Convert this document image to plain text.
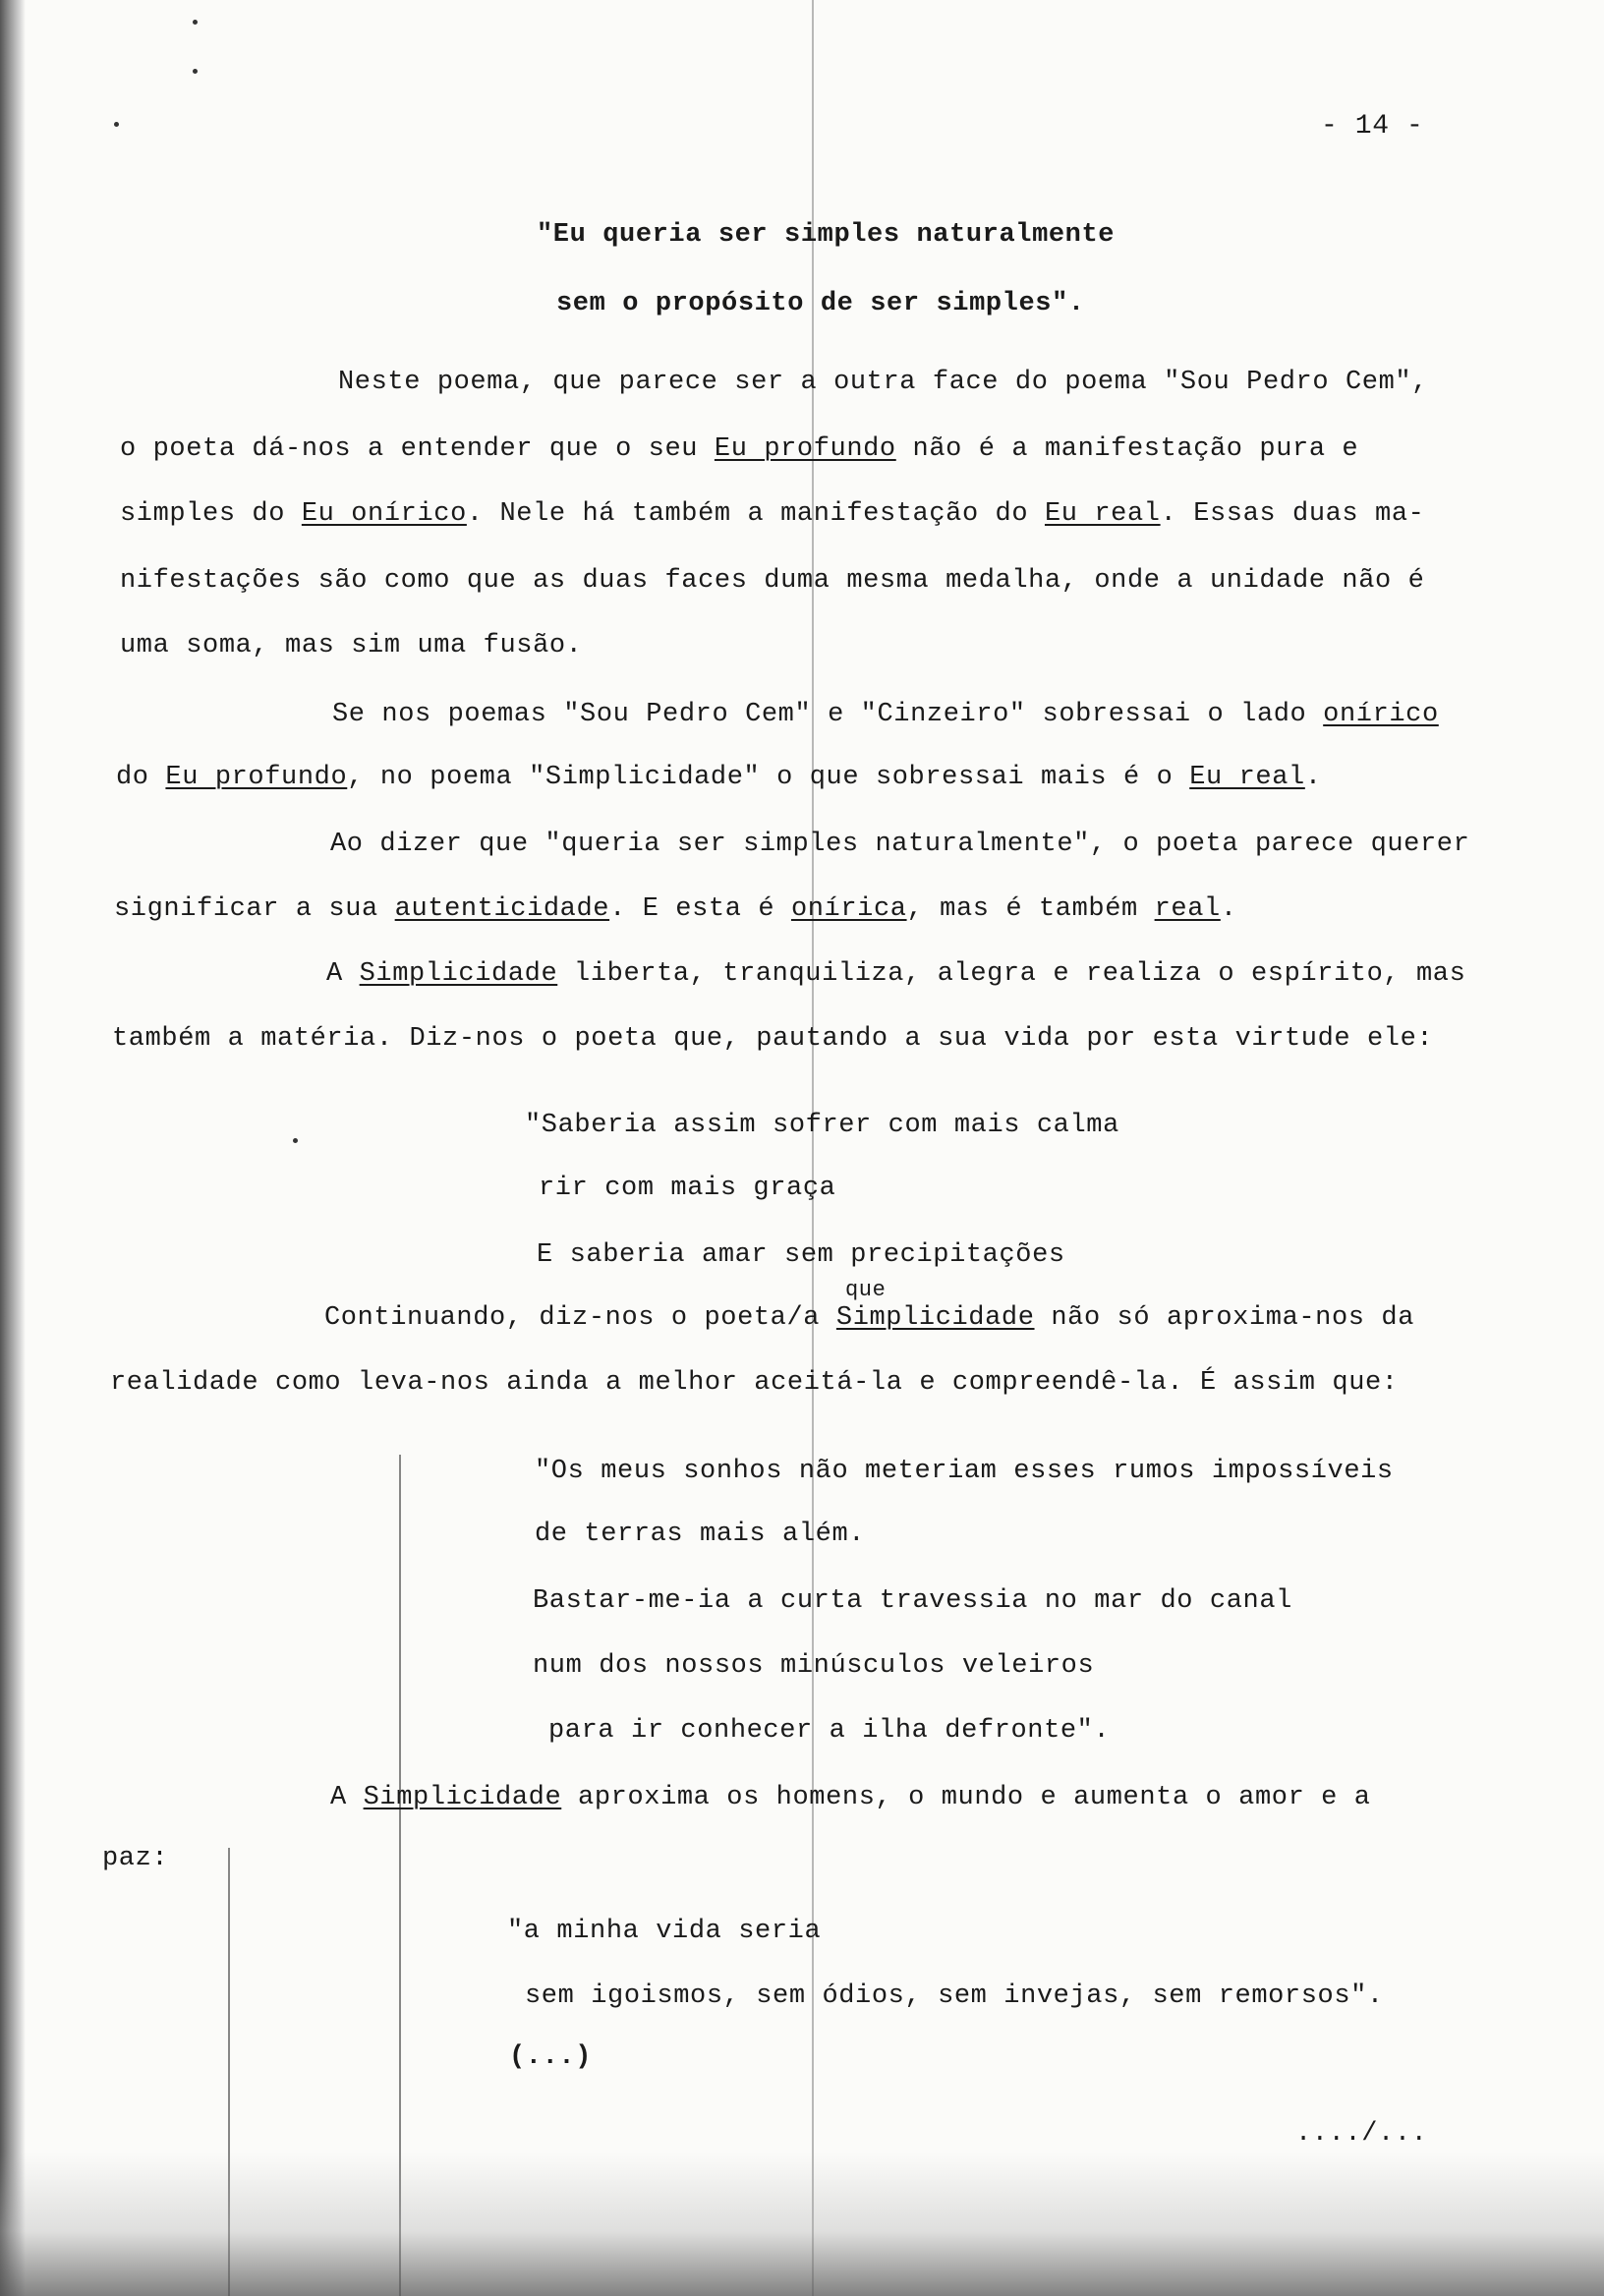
- 14 -
"Eu queria ser simples naturalmente
sem o propósito de ser simples".
Neste poema, que parece ser a outra face do poema "Sou Pedro Cem",
o poeta dá-nos a entender que o seu Eu profundo não é a manifestação pura e
simples do Eu onírico. Nele há também a manifestação do Eu real. Essas duas ma-
nifestações são como que as duas faces duma mesma medalha, onde a unidade não é
uma soma, mas sim uma fusão.
Se nos poemas "Sou Pedro Cem" e "Cinzeiro" sobressai o lado onírico
do Eu profundo, no poema "Simplicidade" o que sobressai mais é o Eu real.
Ao dizer que "queria ser simples naturalmente", o poeta parece querer
significar a sua autenticidade. E esta é onírica, mas é também real.
A Simplicidade liberta, tranquiliza, alegra e realiza o espírito, mas
também a matéria. Diz-nos o poeta que, pautando a sua vida por esta virtude ele:
"Saberia assim sofrer com mais calma
rir com mais graça
E saberia amar sem precipitações
que
Continuando, diz-nos o poeta/a Simplicidade não só aproxima-nos da
realidade como leva-nos ainda a melhor aceitá-la e compreendê-la. É assim que:
"Os meus sonhos não meteriam esses rumos impossíveis
de terras mais além.
Bastar-me-ia a curta travessia no mar do canal
num dos nossos minúsculos veleiros
para ir conhecer a ilha defronte".
A Simplicidade aproxima os homens, o mundo e aumenta o amor e a
paz:
"a minha vida seria
sem igoismos, sem ódios, sem invejas, sem remorsos".
(...)
..../...
